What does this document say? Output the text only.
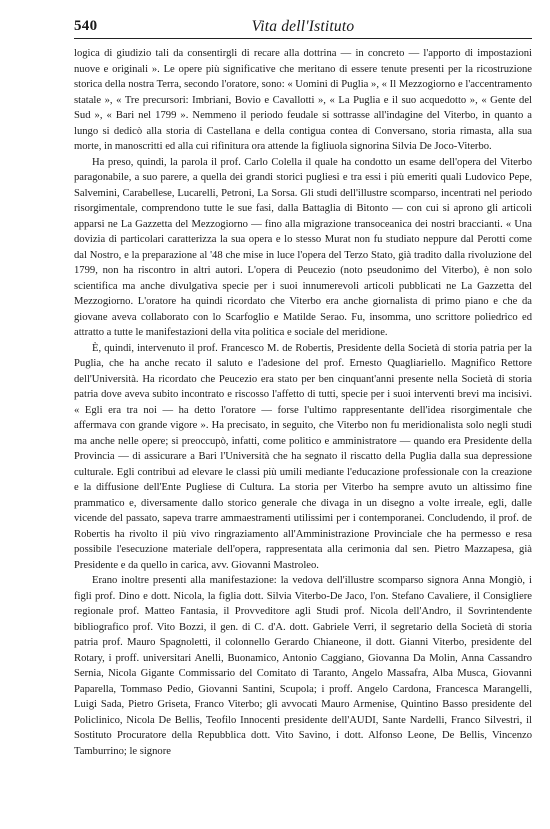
540	Vita dell'Istituto

logica di giudizio tali da consentirgli di recare alla dottrina — in concreto — l'apporto di impostazioni nuove e originali ». Le opere più significative che meritano di essere tenute presenti per la ricostruzione storica della nostra Terra, secondo l'oratore, sono: « Uomini di Puglia », « Il Mezzogiorno e l'accentramento statale », « Tre precursori: Imbriani, Bovio e Cavallotti », « La Puglia e il suo acquedotto », « Gente del Sud », « Bari nel 1799 ». Nemmeno il periodo feudale si sottrasse all'indagine del Viterbo, in quanto a lungo si dedicò alla storia di Castellana e della contigua contea di Conversano, storia rimasta, alla sua morte, in manoscritti ed alla cui rifinitura ora attende la figliuola signorina Silvia De Joco-Viterbo.

Ha preso, quindi, la parola il prof. Carlo Colella il quale ha condotto un esame dell'opera del Viterbo paragonabile, a suo parere, a quella dei grandi storici pugliesi e tra essi i più emeriti quali Ludovico Pepe, Salvemini, Carabellese, Lucarelli, Petroni, La Sorsa. Gli studi dell'illustre scomparso, incentrati nel periodo risorgimentale, comprendono tutte le sue fasi, dalla Battaglia di Bitonto — con cui si aprono gli articoli apparsi ne La Gazzetta del Mezzogiorno — fino alla migrazione transoceanica dei nostri braccianti. « Una dovizia di particolari caratterizza la sua opera e lo stesso Murat non fu studiato neppure dal Perotti come dal Nostro, e la preparazione al '48 che mise in luce l'opera del Terzo Stato, già tradito dalla rivoluzione del 1799, non ha riscontro in altri autori. L'opera di Peucezio (noto pseudonimo del Viterbo), è non solo scientifica ma anche divulgativa specie per i suoi innumerevoli articoli pubblicati ne La Gazzetta del Mezzogiorno. L'oratore ha quindi ricordato che Viterbo era anche giornalista di primo piano e che da giovane aveva collaborato con lo Scarfoglio e Matilde Serao. Fu, insomma, uno scrittore poliedrico ed attratto a tutte le manifestazioni della vita politica e sociale del meridione.

È, quindi, intervenuto il prof. Francesco M. de Robertis, Presidente della Società di storia patria per la Puglia, che ha anche recato il saluto e l'adesione del prof. Ernesto Quagliariello. Magnifico Rettore dell'Università. Ha ricordato che Peucezio era stato per ben cinquant'anni presente nella Società di storia patria dove aveva subito incontrato e riscosso l'affetto di tutti, specie per i suoi interventi brevi ma incisivi. « Egli era tra noi — ha detto l'oratore — forse l'ultimo rappresentante dell'idea risorgimentale che affermava con grande vigore ». Ha precisato, in seguito, che Viterbo non fu meridionalista solo negli studi ma anche nelle opere; si preoccupò, infatti, come politico e amministratore — quando era Presidente della Provincia — di assicurare a Bari l'Università che ha segnato il riscatto della Puglia dalla sua depressione culturale. Egli contribuì ad elevare le classi più umili mediante l'educazione professionale con la creazione e la diffusione dell'Ente Pugliese di Cultura. La storia per Viterbo ha sempre avuto un altissimo fine prammatico e, diversamente dallo storico generale che divaga in un disegno a volte irreale, egli, dalle vicende del passato, sapeva trarre ammaestramenti utilissimi per i contemporanei. Concludendo, il prof. de Robertis ha rivolto il più vivo ringraziamento all'Amministrazione Provinciale che ha permesso e resa possibile l'esecuzione materiale dell'opera, rappresentata alla cerimonia dal sen. Pietro Mazzapesa, già Presidente e da quello in carica, avv. Giovanni Mastroleo.

Erano inoltre presenti alla manifestazione: la vedova dell'illustre scomparso signora Anna Mongiò, i figli prof. Dino e dott. Nicola, la figlia dott. Silvia Viterbo-De Jaco, l'on. Stefano Cavaliere, il Consigliere regionale prof. Matteo Fantasia, il Provveditore agli Studi prof. Nicola dell'Andro, il Sovrintendente bibliografico prof. Vito Bozzi, il gen. di C. d'A. dott. Gabriele Verri, il segretario della Società di storia patria prof. Mauro Spagnoletti, il colonnello Gerardo Chianeone, il dott. Gianni Viterbo, presidente del Rotary, i proff. universitari Anelli, Buonamico, Antonio Caggiano, Giovanna Da Molin, Anna Cassandro Sernia, Nicola Gigante Commissario del Comitato di Taranto, Angelo Massafra, Alba Musca, Giovanni Paparella, Tommaso Pedio, Giovanni Santini, Scupola; i proff. Angelo Cardona, Francesca Marangelli, Luigi Sada, Pietro Griseta, Franco Viterbo; gli avvocati Mauro Armenise, Quintino Basso presidente del Policlinico, Nicola De Bellis, Teofilo Innocenti presidente dell'AUDI, Sante Nardelli, Franco Silvestri, il Sostituto Procuratore della Repubblica dott. Vito Savino, i dott. Alfonso Leone, De Bellis, Vincenzo Tamburrino; le signore
